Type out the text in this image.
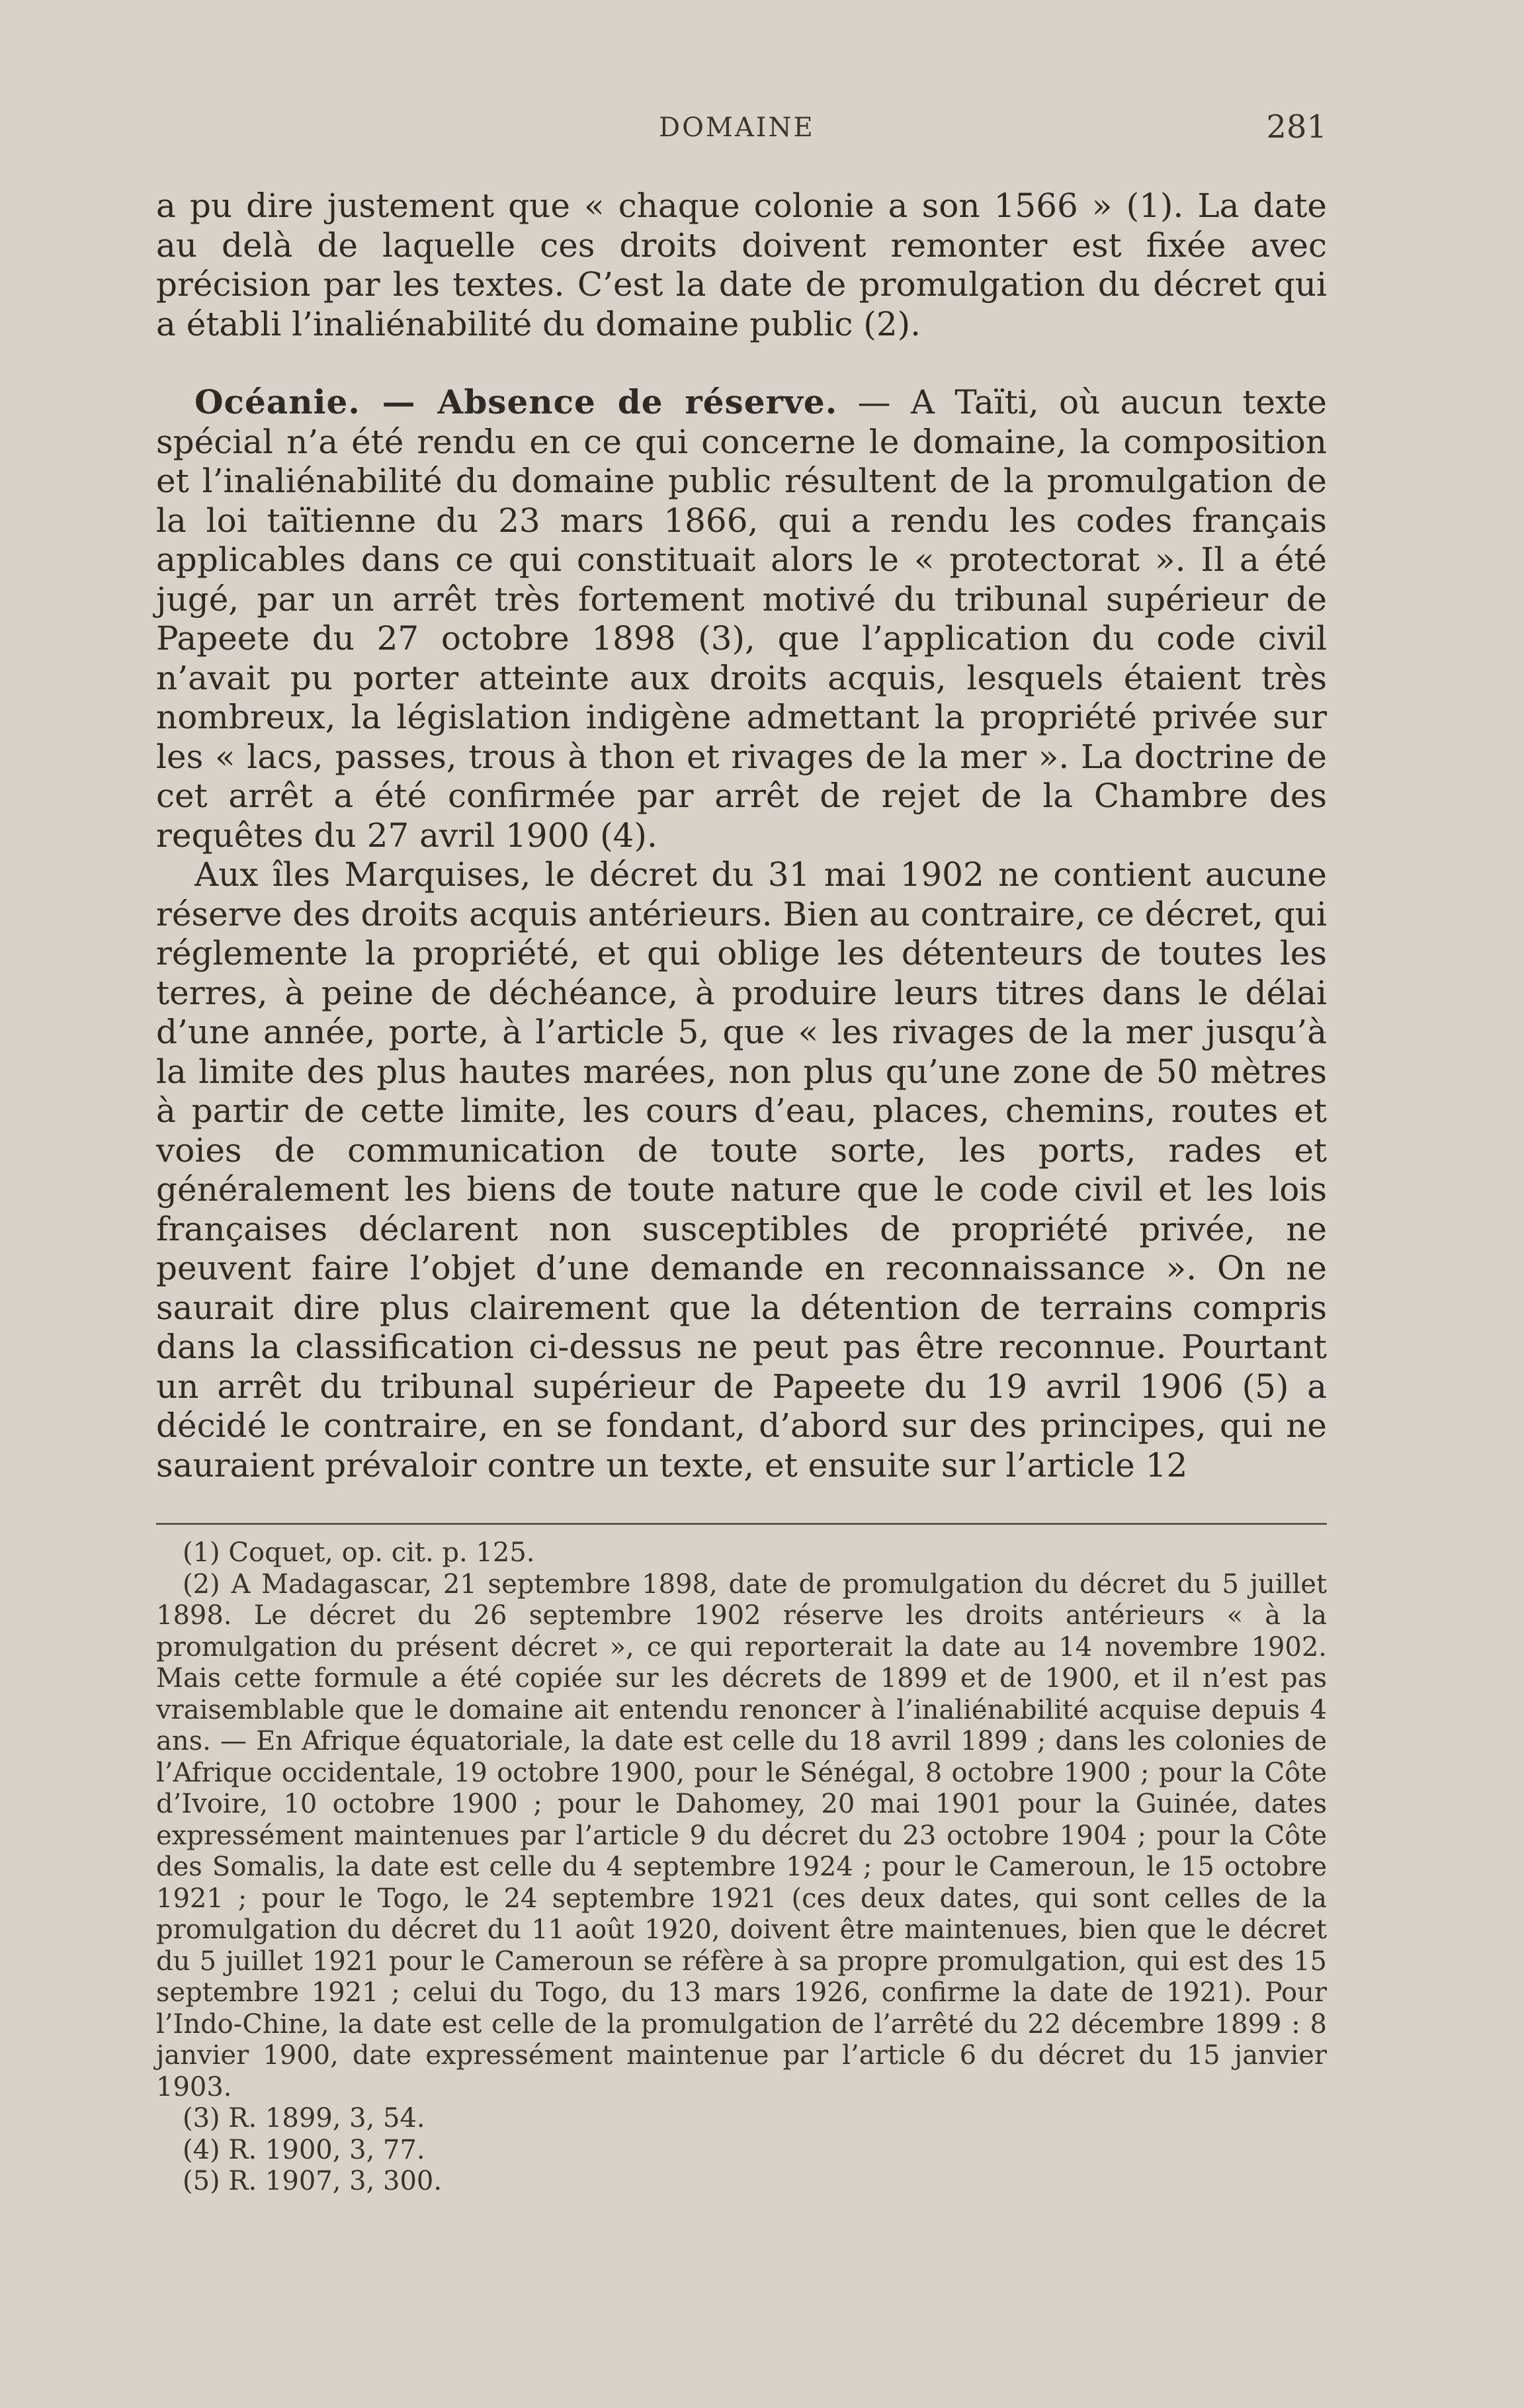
DOMAINE	281

a pu dire justement que « chaque colonie a son 1566 » (1). La date au delà de laquelle ces droits doivent remonter est fixée avec précision par les textes. C’est la date de promulgation du décret qui a établi l’inaliénabilité du domaine public (2).

Océanie. — Absence de réserve. — A Taïti, où aucun texte spécial n’a été rendu en ce qui concerne le domaine, la composition et l’inaliénabilité du domaine public résultent de la promulgation de la loi taïtienne du 23 mars 1866, qui a rendu les codes français applicables dans ce qui constituait alors le « protectorat ». Il a été jugé, par un arrêt très fortement motivé du tribunal supérieur de Papeete du 27 octobre 1898 (3), que l’application du code civil n’avait pu porter atteinte aux droits acquis, lesquels étaient très nombreux, la législation indigène admettant la propriété privée sur les « lacs, passes, trous à thon et rivages de la mer ». La doctrine de cet arrêt a été confirmée par arrêt de rejet de la Chambre des requêtes du 27 avril 1900 (4).

Aux îles Marquises, le décret du 31 mai 1902 ne contient aucune réserve des droits acquis antérieurs. Bien au contraire, ce décret, qui réglemente la propriété, et qui oblige les détenteurs de toutes les terres, à peine de déchéance, à produire leurs titres dans le délai d’une année, porte, à l’article 5, que « les rivages de la mer jusqu’à la limite des plus hautes marées, non plus qu’une zone de 50 mètres à partir de cette limite, les cours d’eau, places, chemins, routes et voies de communication de toute sorte, les ports, rades et généralement les biens de toute nature que le code civil et les lois françaises déclarent non susceptibles de propriété privée, ne peuvent faire l’objet d’une demande en reconnaissance ». On ne saurait dire plus clairement que la détention de terrains compris dans la classification ci-dessus ne peut pas être reconnue. Pourtant un arrêt du tribunal supérieur de Papeete du 19 avril 1906 (5) a décidé le contraire, en se fondant, d’abord sur des principes, qui ne sauraient prévaloir contre un texte, et ensuite sur l’article 12

(1) Coquet, op. cit. p. 125.

(2) A Madagascar, 21 septembre 1898, date de promulgation du décret du 5 juillet 1898. Le décret du 26 septembre 1902 réserve les droits antérieurs « à la promulgation du présent décret », ce qui reporterait la date au 14 novembre 1902. Mais cette formule a été copiée sur les décrets de 1899 et de 1900, et il n’est pas vraisemblable que le domaine ait entendu renoncer à l’inaliénabilité acquise depuis 4 ans. — En Afrique équatoriale, la date est celle du 18 avril 1899 ; dans les colonies de l’Afrique occidentale, 19 octobre 1900, pour le Sénégal, 8 octobre 1900 ; pour la Côte d’Ivoire, 10 octobre 1900 ; pour le Dahomey, 20 mai 1901 pour la Guinée, dates expressément maintenues par l’article 9 du décret du 23 octobre 1904 ; pour la Côte des Somalis, la date est celle du 4 septembre 1924 ; pour le Cameroun, le 15 octobre 1921 ; pour le Togo, le 24 septembre 1921 (ces deux dates, qui sont celles de la promulgation du décret du 11 août 1920, doivent être maintenues, bien que le décret du 5 juillet 1921 pour le Cameroun se réfère à sa propre promulgation, qui est des 15 septembre 1921 ; celui du Togo, du 13 mars 1926, confirme la date de 1921). Pour l’Indo-Chine, la date est celle de la promulgation de l’arrêté du 22 décembre 1899 : 8 janvier 1900, date expressément maintenue par l’article 6 du décret du 15 janvier 1903.

(3) R. 1899, 3, 54.

(4) R. 1900, 3, 77.

(5) R. 1907, 3, 300.
